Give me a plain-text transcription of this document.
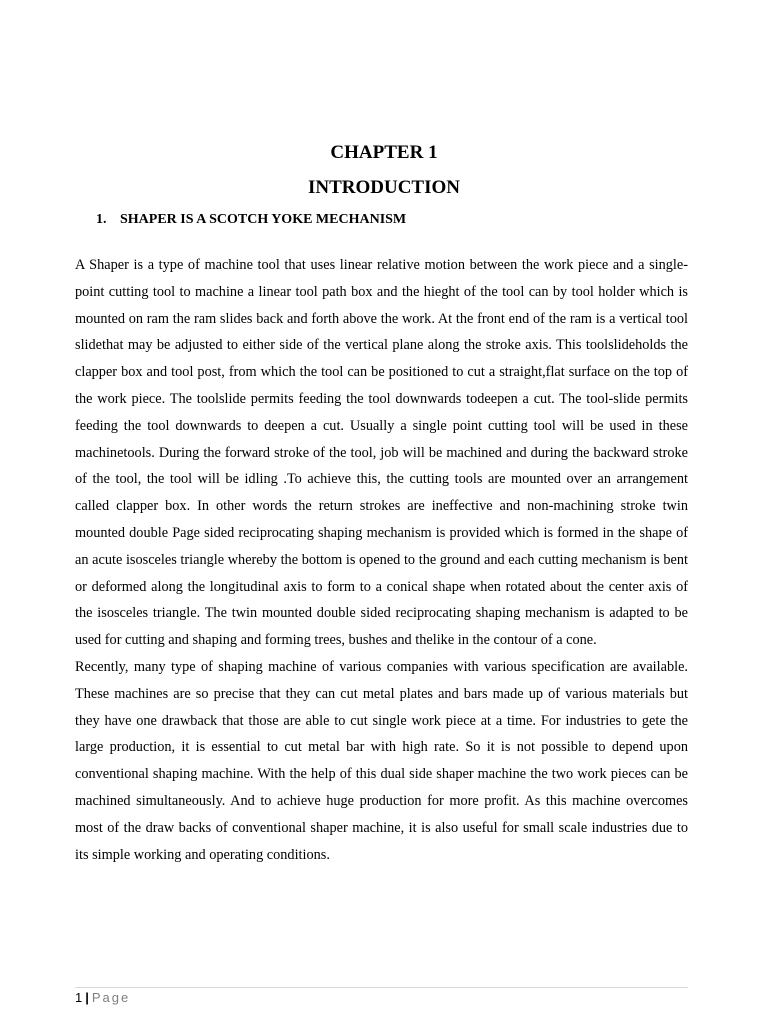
CHAPTER 1
INTRODUCTION
1. SHAPER IS A SCOTCH YOKE MECHANISM

A Shaper is a type of machine tool that uses linear relative motion between the work piece and a single-point cutting tool to machine a linear tool path box and the hieght of the tool can by tool holder which is mounted on ram the ram slides back and forth above the work. At the front end of the ram is a vertical tool slidethat may be adjusted to either side of the vertical plane along the stroke axis. This toolslideholds the clapper box and tool post, from which the tool can be positioned to cut a straight,flat surface on the top of the work piece. The toolslide permits feeding the tool downwards todeepen a cut. The tool-slide permits feeding the tool downwards to deepen a cut. Usually a single point cutting tool will be used in these machinetools. During the forward stroke of the tool, job will be machined and during the backward stroke of the tool, the tool will be idling .To achieve this, the cutting tools are mounted over an arrangement called clapper box. In other words the return strokes are ineffective and non-machining stroke twin mounted double Page sided reciprocating shaping mechanism is provided which is formed in the shape of an acute isosceles triangle whereby the bottom is opened to the ground and each cutting mechanism is bent or deformed along the longitudinal axis to form to a conical shape when rotated about the center axis of the isosceles triangle. The twin mounted double sided reciprocating shaping mechanism is adapted to be used for cutting and shaping and forming trees, bushes and thelike in the contour of a cone.

Recently, many type of shaping machine of various companies with various specification are available. These machines are so precise that they can cut metal plates and bars made up of various materials but they have one drawback that those are able to cut single work piece at a time. For industries to gete the large production, it is essential to cut metal bar with high rate. So it is not possible to depend upon conventional shaping machine. With the help of this dual side shaper machine the two work pieces can be machined simultaneously. And to achieve huge production for more profit. As this machine overcomes most of the draw backs of conventional shaper machine, it is also useful for small scale industries due to its simple working and operating conditions.

1 | Page
